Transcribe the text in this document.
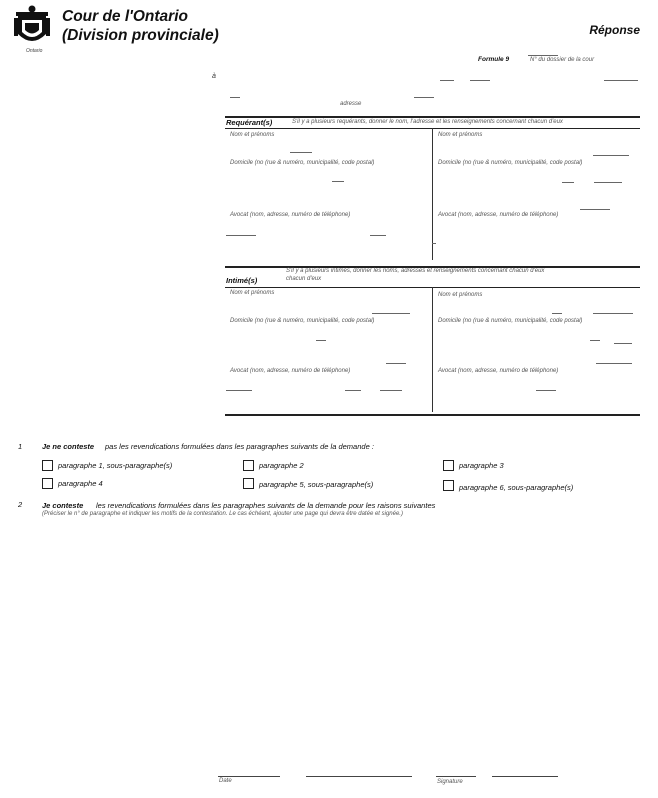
Ontario
Cour de l'Ontario
(Division provinciale)	Réponse
Formule 9	N° du dossier de la cour
à
adresse
Requérant(s)	S'il y a plusieurs requérants, donner le nom, l'adresse et les renseignements concernant chacun d'eux
Nom et prénoms	Nom et prénoms
Domicile (no (rue & numéro, municipalité, code postal)	Domicile (no (rue & numéro, municipalité, code postal)
Avocat (nom, adresse, numéro de téléphone)	Avocat (nom, adresse, numéro de téléphone)
S'il y a plusieurs intimés, donner les noms, adresses et renseignements concernant chacun d'eux
chacun d'eux
Intimé(s)
Nom et prénoms	Nom et prénoms
Domicile (no (rue & numéro, municipalité, code postal)	Domicile (no (rue & numéro, municipalité, code postal)
Avocat (nom, adresse, numéro de téléphone)	Avocat (nom, adresse, numéro de téléphone)
1	Je ne conteste pas les revendications formulées dans les paragraphes suivants de la demande :
paragraphe 1, sous-paragraphe(s)	paragraphe 2	paragraphe 3
paragraphe 4	paragraphe 5, sous-paragraphe(s)	paragraphe 6, sous-paragraphe(s)
2	Je conteste les revendications formulées dans les paragraphes suivants de la demande pour les raisons suivantes
(Préciser le n° de paragraphe et indiquer les motifs de la contestation. Le cas échéant, ajouter une page qui devra être datée et signée.)
Date	Signature
